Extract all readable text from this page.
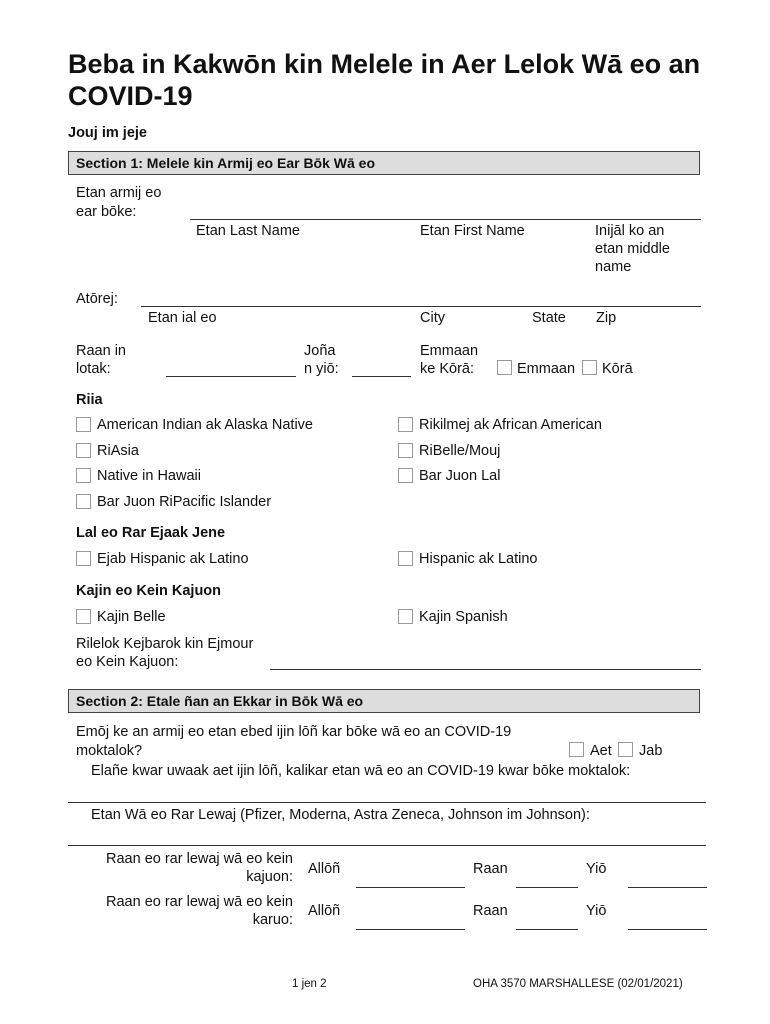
Beba in Kakwōn kin Melele in Aer Lelok Wā eo an COVID-19
Jouj im jeje
Section 1: Melele kin Armij eo Ear Bōk Wā eo
Etan armij eo
ear bōke:
Etan Last Name	Etan First Name	Inijāl ko an
etan middle
name
Atōrej:
Etan ial eo	City	State Zip
Raan in
lotak:
Joña
n yiō:
Emmaan
ke Kōrā:	Emmaan Kōrā
Riia
American Indian ak Alaska Native	Rikilmej ak African American
RiAsia	RiBelle/Mouj
Native in Hawaii	Bar Juon Lal
Bar Juon RiPacific Islander
Lal eo Rar Ejaak Jene
Ejab Hispanic ak Latino	Hispanic ak Latino
Kajin eo Kein Kajuon
Kajin Belle	Kajin Spanish
Rilelok Kejbarok kin Ejmour
eo Kein Kajuon:
Section 2: Etale ñan an Ekkar in Bōk Wā eo
Emōj ke an armij eo etan ebed ijin lōñ kar bōke wā eo an COVID-19
moktalok?	Aet Jab
Elañe kwar uwaak aet ijin lōñ, kalikar etan wā eo an COVID-19 kwar bōke moktalok:
Etan Wā eo Rar Lewaj (Pfizer, Moderna, Astra Zeneca, Johnson im Johnson):
Raan eo rar lewaj wā eo kein
kajuon: Allōñ	Raan	Yiō
Raan eo rar lewaj wā eo kein
karuo:
Allōñ	Raan	Yiō
1 jen 2	OHA 3570 MARSHALLESE (02/01/2021)
